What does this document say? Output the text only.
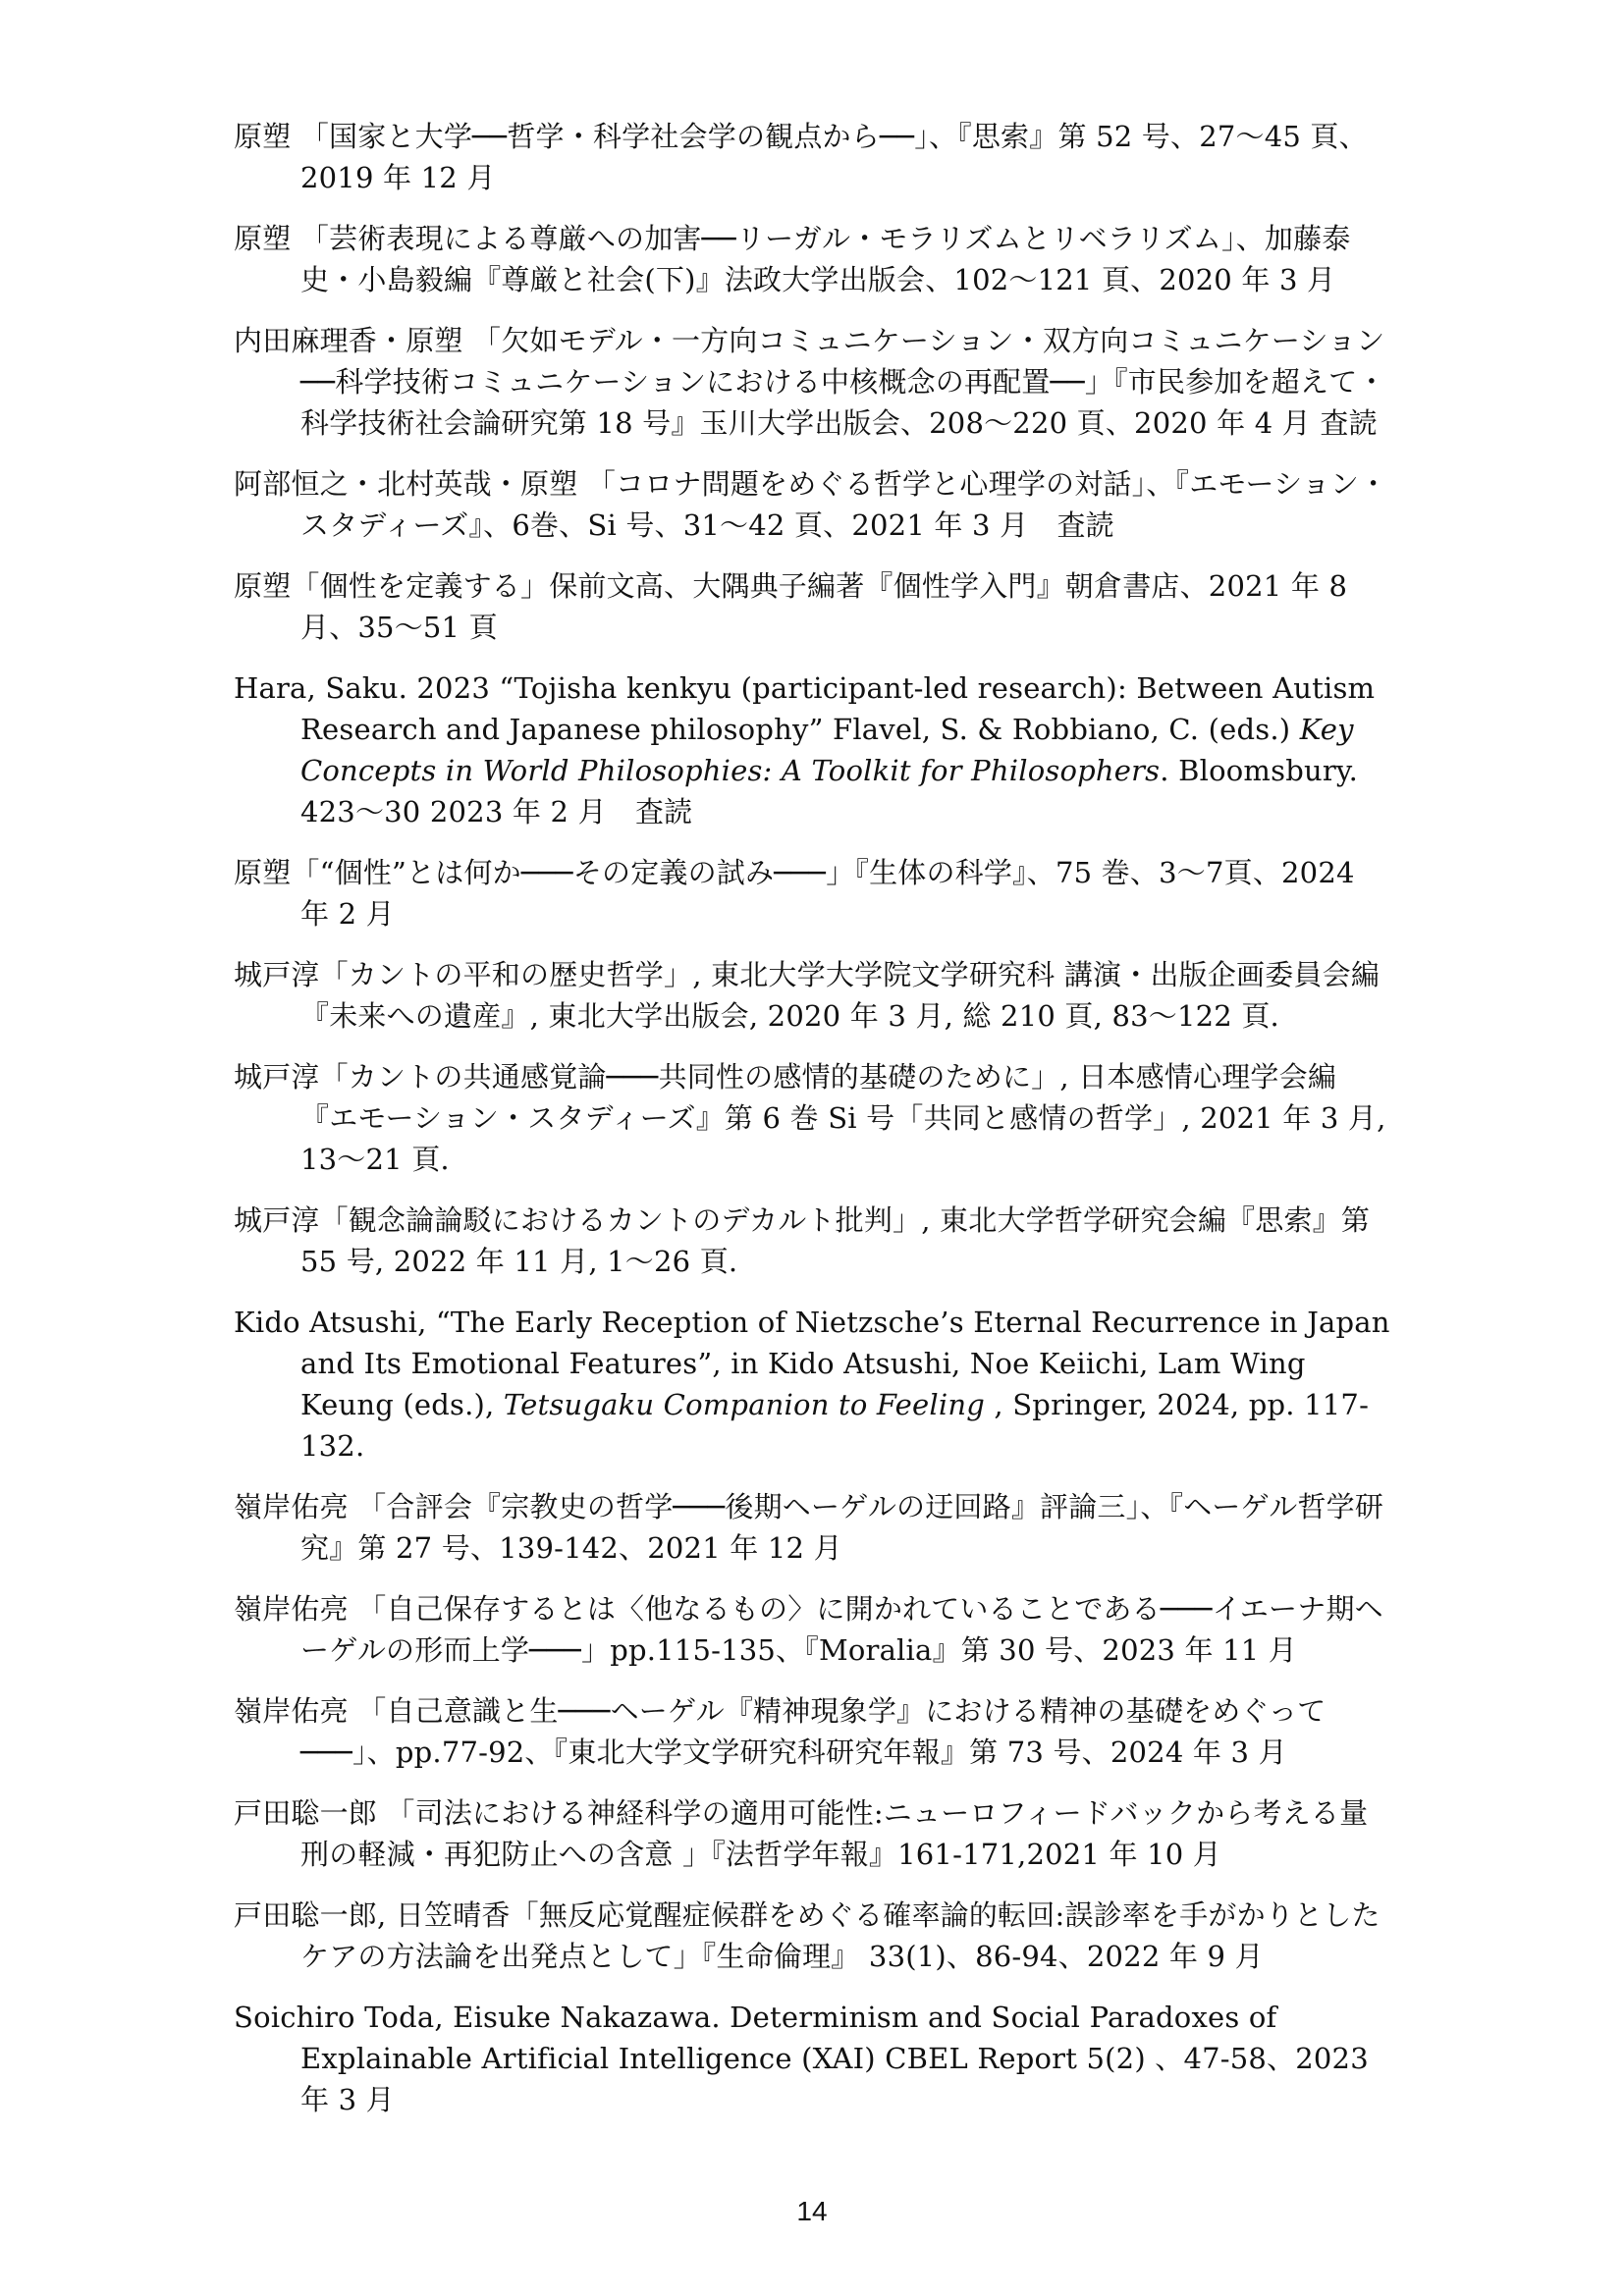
原塑 「国家と大学──哲学・科学社会学の観点から──」、『思索』第 52 号、27〜45 頁、2019 年 12 月

原塑 「芸術表現による尊厳への加害──リーガル・モラリズムとリベラリズム」、加藤泰史・小島毅編『尊厳と社会(下)』法政大学出版会、102〜121 頁、2020 年 3 月

内田麻理香・原塑 「欠如モデル・一方向コミュニケーション・双方向コミュニケーション──科学技術コミュニケーションにおける中核概念の再配置──」『市民参加を超えて・科学技術社会論研究第 18 号』玉川大学出版会、208〜220 頁、2020 年 4 月 査読

阿部恒之・北村英哉・原塑 「コロナ問題をめぐる哲学と心理学の対話」、『エモーション・スタディーズ』、6巻、Si 号、31〜42 頁、2021 年 3 月　査読

原塑「個性を定義する」保前文高、大隅典子編著『個性学入門』朝倉書店、2021 年 8 月、35〜51 頁

Hara, Saku. 2023 “Tojisha kenkyu (participant-led research): Between Autism Research and Japanese philosophy” Flavel, S. & Robbiano, C. (eds.) Key Concepts in World Philosophies: A Toolkit for Philosophers. Bloomsbury. 423〜30 2023 年 2 月　査読

原塑「“個性”とは何か───その定義の試み───」『生体の科学』、75 巻、3〜7頁、2024 年 2 月

城戸淳「カントの平和の歴史哲学」, 東北大学大学院文学研究科 講演・出版企画委員会編『未来への遺産』, 東北大学出版会, 2020 年 3 月, 総 210 頁, 83〜122 頁.

城戸淳「カントの共通感覚論───共同性の感情的基礎のために」, 日本感情心理学会編『エモーション・スタディーズ』第 6 巻 Si 号「共同と感情の哲学」, 2021 年 3 月, 13〜21 頁.

城戸淳「観念論論駁におけるカントのデカルト批判」, 東北大学哲学研究会編『思索』第 55 号, 2022 年 11 月, 1〜26 頁.

Kido Atsushi, “The Early Reception of Nietzsche’s Eternal Recurrence in Japan and Its Emotional Features”, in Kido Atsushi, Noe Keiichi, Lam Wing Keung (eds.), Tetsugaku Companion to Feeling , Springer, 2024, pp. 117-132.

嶺岸佑亮 「合評会『宗教史の哲学───後期ヘーゲルの迂回路』評論三」、『ヘーゲル哲学研究』第 27 号、139-142、2021 年 12 月

嶺岸佑亮 「自己保存するとは〈他なるもの〉に開かれていることである───イエーナ期ヘーゲルの形而上学───」pp.115-135、『Moralia』第 30 号、2023 年 11 月

嶺岸佑亮 「自己意識と生───ヘーゲル『精神現象学』における精神の基礎をめぐって───」、pp.77-92、『東北大学文学研究科研究年報』第 73 号、2024 年 3 月

戸田聡一郎 「司法における神経科学の適用可能性:ニューロフィードバックから考える量刑の軽減・再犯防止への含意 」『法哲学年報』161-171,2021 年 10 月

戸田聡一郎, 日笠晴香「無反応覚醒症候群をめぐる確率論的転回:誤診率を手がかりとしたケアの方法論を出発点として」『生命倫理』 33(1)、86-94、2022 年 9 月

Soichiro Toda, Eisuke Nakazawa. Determinism and Social Paradoxes of Explainable Artificial Intelligence (XAI) CBEL Report 5(2) 、47-58、2023 年 3 月

14
